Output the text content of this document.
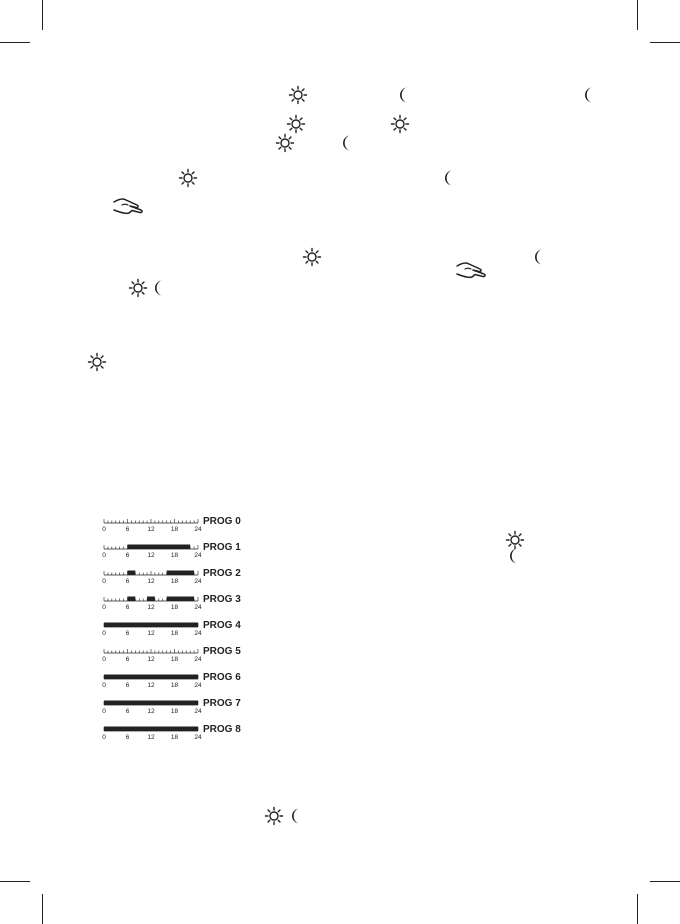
0	6	12	18	24
PROG 0
0	6	12	18	24
PROG 1
0	6	12	18	24
PROG 2
0	6	12	18	24
PROG 3
0	6	12	18	24
PROG 4
0	6	12	18	24
PROG 5
0	6	12	18	24
PROG 6
0	6	12	18	24
PROG 7
0	6	12	18	24
PROG 8
